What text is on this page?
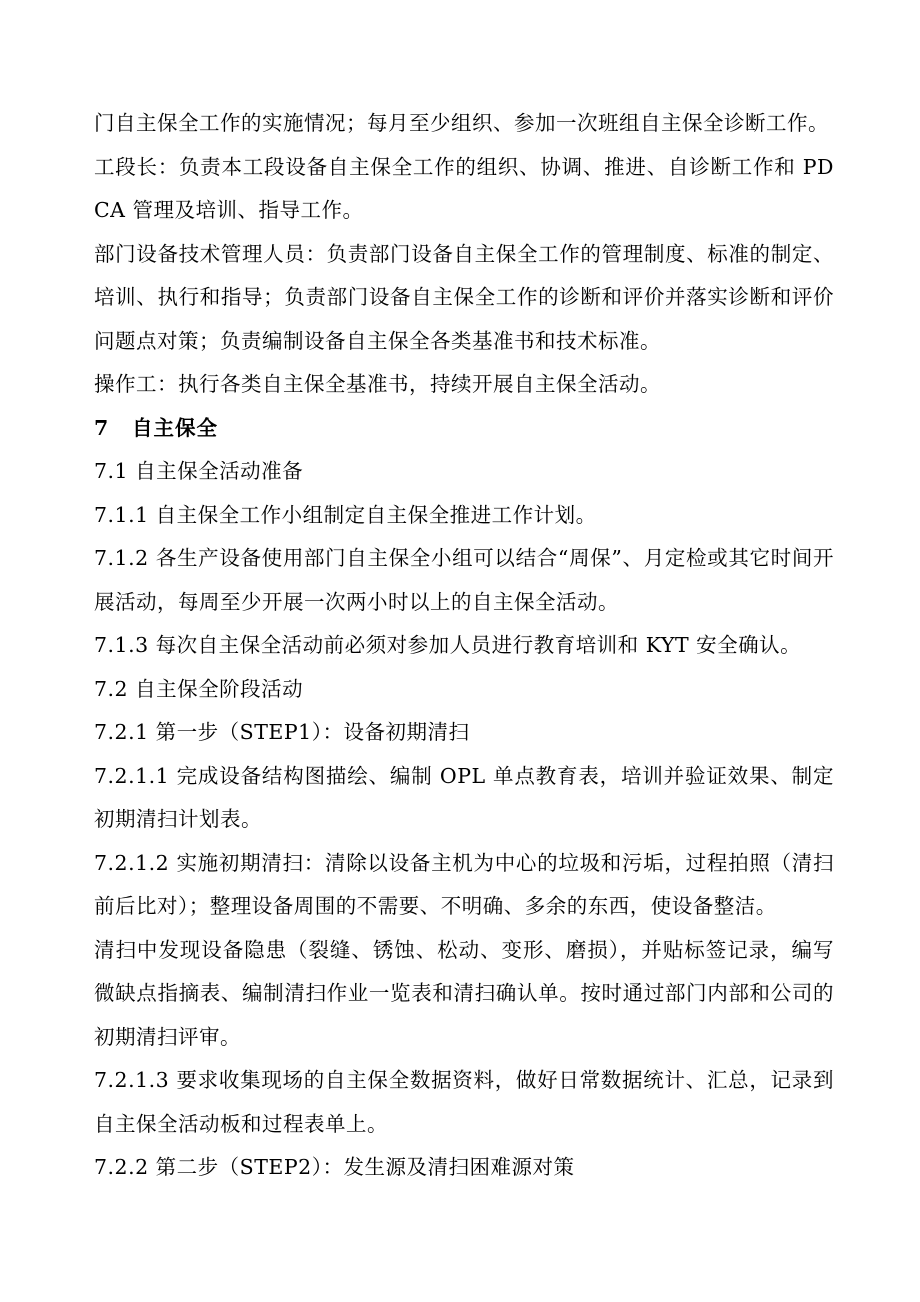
门自主保全工作的实施情况；每月至少组织、参加一次班组自主保全诊断工作。

工段长：负责本工段设备自主保全工作的组织、协调、推进、自诊断工作和 PDCA 管理及培训、指导工作。

部门设备技术管理人员：负责部门设备自主保全工作的管理制度、标准的制定、培训、执行和指导；负责部门设备自主保全工作的诊断和评价并落实诊断和评价问题点对策；负责编制设备自主保全各类基准书和技术标准。

操作工：执行各类自主保全基准书，持续开展自主保全活动。

7 自主保全

7.1 自主保全活动准备

7.1.1 自主保全工作小组制定自主保全推进工作计划。

7.1.2 各生产设备使用部门自主保全小组可以结合“周保”、月定检或其它时间开展活动，每周至少开展一次两小时以上的自主保全活动。

7.1.3 每次自主保全活动前必须对参加人员进行教育培训和 KYT 安全确认。

7.2 自主保全阶段活动

7.2.1 第一步（STEP1）：设备初期清扫

7.2.1.1 完成设备结构图描绘、编制 OPL 单点教育表，培训并验证效果、制定初期清扫计划表。

7.2.1.2 实施初期清扫：清除以设备主机为中心的垃圾和污垢，过程拍照（清扫前后比对）；整理设备周围的不需要、不明确、多余的东西，使设备整洁。

清扫中发现设备隐患（裂缝、锈蚀、松动、变形、磨损），并贴标签记录，编写微缺点指摘表、编制清扫作业一览表和清扫确认单。按时通过部门内部和公司的初期清扫评审。

7.2.1.3 要求收集现场的自主保全数据资料，做好日常数据统计、汇总，记录到自主保全活动板和过程表单上。

7.2.2 第二步（STEP2）：发生源及清扫困难源对策
